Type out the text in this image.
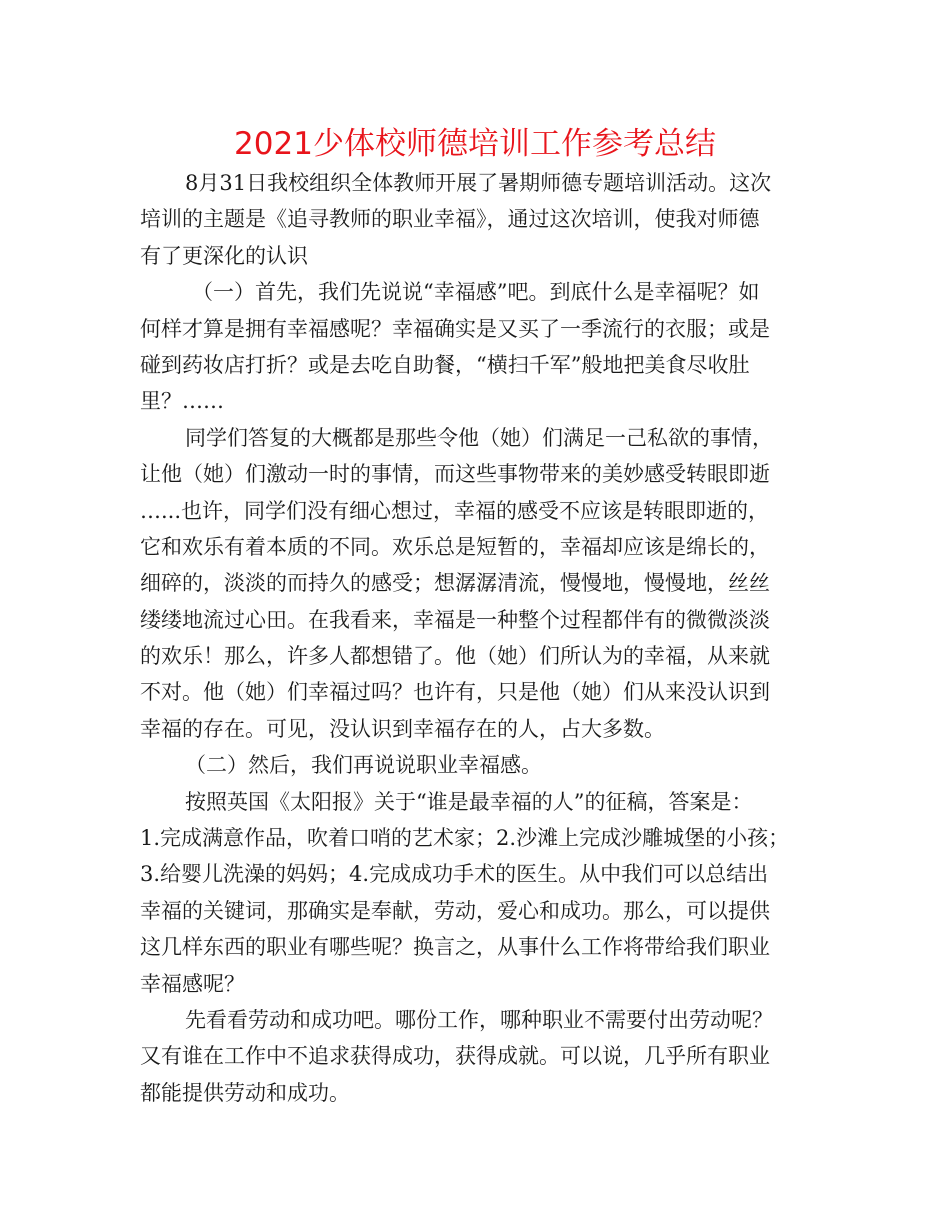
2021少体校师德培训工作参考总结
8月31日我校组织全体教师开展了暑期师德专题培训活动。这次
培训的主题是《追寻教师的职业幸福》，通过这次培训，使我对师德
有了更深化的认识
（一）首先，我们先说说“幸福感”吧。到底什么是幸福呢？如
何样才算是拥有幸福感呢？幸福确实是又买了一季流行的衣服；或是
碰到药妆店打折？或是去吃自助餐，“横扫千军”般地把美食尽收肚
里？……
同学们答复的大概都是那些令他（她）们满足一己私欲的事情，
让他（她）们激动一时的事情，而这些事物带来的美妙感受转眼即逝
…...也许，同学们没有细心想过，幸福的感受不应该是转眼即逝的，
它和欢乐有着本质的不同。欢乐总是短暂的，幸福却应该是绵长的，
细碎的，淡淡的而持久的感受；想潺潺清流，慢慢地，慢慢地，丝丝
缕缕地流过心田。在我看来，幸福是一种整个过程都伴有的微微淡淡
的欢乐！那么，许多人都想错了。他（她）们所认为的幸福，从来就
不对。他（她）们幸福过吗？也许有，只是他（她）们从来没认识到
幸福的存在。可见，没认识到幸福存在的人，占大多数。
（二）然后，我们再说说职业幸福感。
按照英国《太阳报》关于“谁是最幸福的人”的征稿，答案是：
1.完成满意作品，吹着口哨的艺术家；2.沙滩上完成沙雕城堡的小孩；
3.给婴儿洗澡的妈妈；4.完成成功手术的医生。从中我们可以总结出
幸福的关键词，那确实是奉献，劳动，爱心和成功。那么，可以提供
这几样东西的职业有哪些呢？换言之，从事什么工作将带给我们职业
幸福感呢？
先看看劳动和成功吧。哪份工作，哪种职业不需要付出劳动呢？
又有谁在工作中不追求获得成功，获得成就。可以说，几乎所有职业
都能提供劳动和成功。
